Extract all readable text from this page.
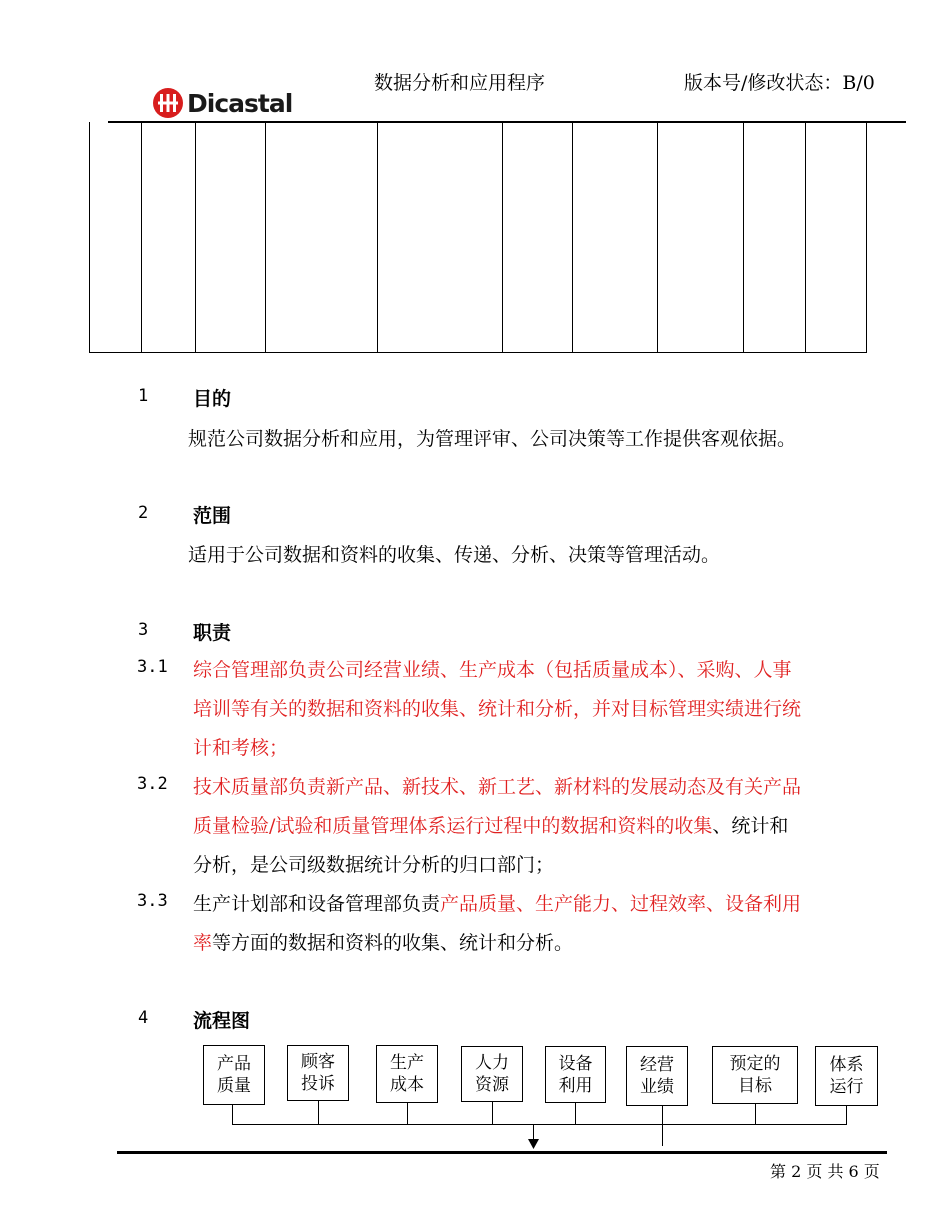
Dicastal
数据分析和应用程序	版本号/修改状态：B/0
1 目的
规范公司数据分析和应用，为管理评审、公司决策等工作提供客观依据。
2 范围
适用于公司数据和资料的收集、传递、分析、决策等管理活动。
3 职责
3.1 综合管理部负责公司经营业绩、生产成本（包括质量成本）、采购、人事
培训等有关的数据和资料的收集、统计和分析，并对目标管理实绩进行统
计和考核；
3.2 技术质量部负责新产品、新技术、新工艺、新材料的发展动态及有关产品
质量检验/试验和质量管理体系运行过程中的数据和资料的收集、统计和
分析，是公司级数据统计分析的归口部门；
3.3 生产计划部和设备管理部负责产品质量、生产能力、过程效率、设备利用
率等方面的数据和资料的收集、统计和分析。
4 流程图
产品
质量
顾客
投诉
生产
成本
人力
资源
设备
利用
经营
业绩
预定的
目标
体系
运行
第 2 页 共 6 页
